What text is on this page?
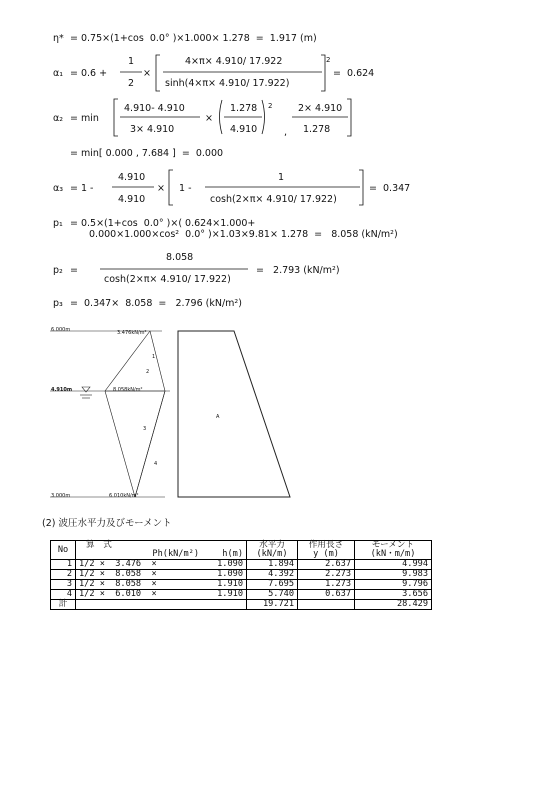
η* = 0.75×(1+cos  0.0° )×1.000× 1.278  =  1.917 (m)
α₁ = 0.6 +
1
2
×
4×π× 4.910/ 17.922
sinh(4×π× 4.910/ 17.922)
2
=  0.624
α₂ = min
4.910- 4.910
3× 4.910
×
1.278
4.910
2
,
2× 4.910
1.278
= min[ 0.000 , 7.684 ]  =  0.000
α₃ = 1 -
4.910
4.910
× 1 -
1
cosh(2×π× 4.910/ 17.922)
=  0.347
p₁ = 0.5×(1+cos  0.0° )×( 0.624×1.000+
0.000×1.000×cos²  0.0° )×1.03×9.81× 1.278  =   8.058 (kN/m²)
p₂ =
8.058
cosh(2×π× 4.910/ 17.922)
=   2.793 (kN/m²)
p₃ =  0.347×  8.058  =   2.796 (kN/m²)
6.000m
4.910m
3.000m
3.476kN/m²
8.058kN/m²
6.010kN/m²
1
2
3
4
A
(2) 波圧水平力及びモーメント
No	算　式		水平力	作用長さ	モーメント
	Ph(kN/m²)	h(m)	(kN/m)	y (m)	(kN・m/m)
1	1/2 ×  3.476  ×	1.090	1.894	2.637	4.994
2	1/2 ×  8.058  ×	1.090	4.392	2.273	9.983
3	1/2 ×  8.058  ×	1.910	7.695	1.273	9.796
4	1/2 ×  6.010  ×	1.910	5.740	0.637	3.656
計			19.721		28.429
